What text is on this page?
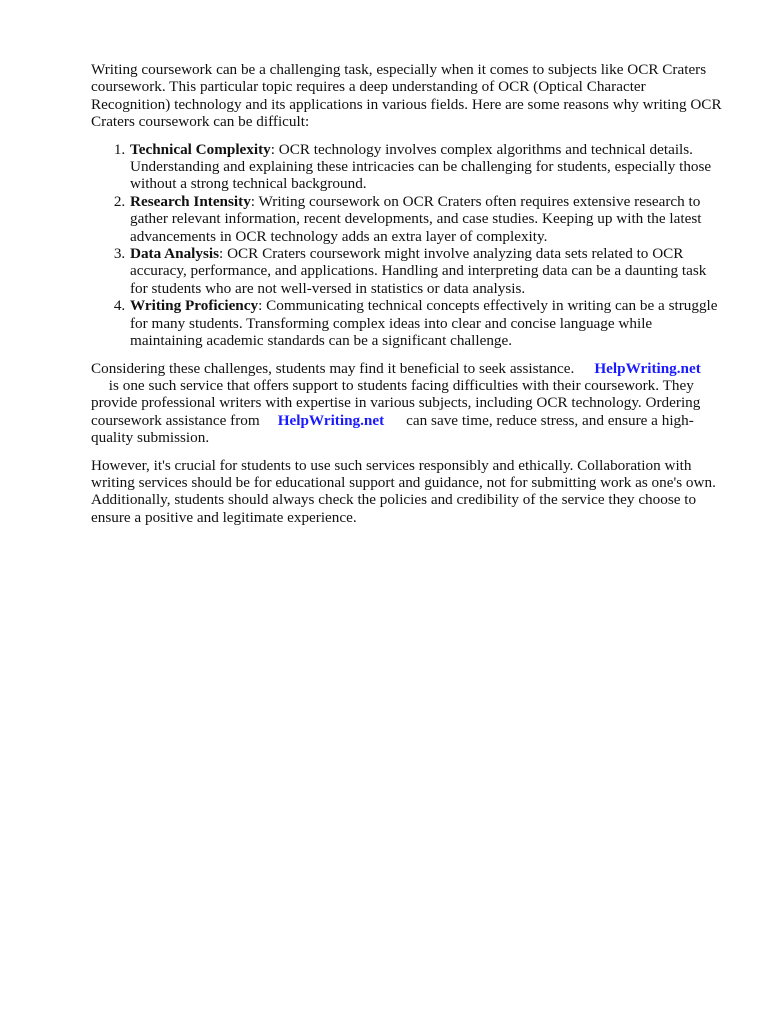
Writing coursework can be a challenging task, especially when it comes to subjects like OCR Craters coursework. This particular topic requires a deep understanding of OCR (Optical Character Recognition) technology and its applications in various fields. Here are some reasons why writing OCR Craters coursework can be difficult:

1. Technical Complexity: OCR technology involves complex algorithms and technical details. Understanding and explaining these intricacies can be challenging for students, especially those without a strong technical background.
2. Research Intensity: Writing coursework on OCR Craters often requires extensive research to gather relevant information, recent developments, and case studies. Keeping up with the latest advancements in OCR technology adds an extra layer of complexity.
3. Data Analysis: OCR Craters coursework might involve analyzing data sets related to OCR accuracy, performance, and applications. Handling and interpreting data can be a daunting task for students who are not well-versed in statistics or data analysis.
4. Writing Proficiency: Communicating technical concepts effectively in writing can be a struggle for many students. Transforming complex ideas into clear and concise language while maintaining academic standards can be a significant challenge.

Considering these challenges, students may find it beneficial to seek assistance. HelpWriting.net
is one such service that offers support to students facing difficulties with their coursework. They provide professional writers with expertise in various subjects, including OCR technology. Ordering coursework assistance from HelpWriting.net can save time, reduce stress, and ensure a high-quality submission.

However, it's crucial for students to use such services responsibly and ethically. Collaboration with writing services should be for educational support and guidance, not for submitting work as one's own. Additionally, students should always check the policies and credibility of the service they choose to ensure a positive and legitimate experience.
